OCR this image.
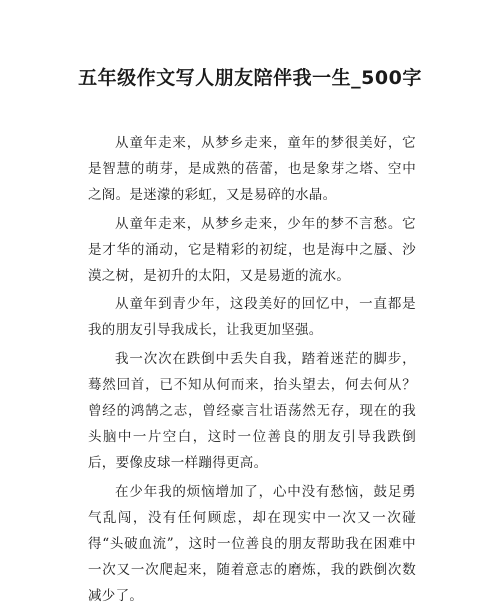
五年级作文写人朋友陪伴我一生_500字

从童年走来，从梦乡走来，童年的梦很美好，它是智慧的萌芽，是成熟的蓓蕾，也是象芽之塔、空中之阁。是迷濛的彩虹，又是易碎的水晶。

从童年走来，从梦乡走来，少年的梦不言愁。它是才华的涌动，它是精彩的初绽，也是海中之蜃、沙漠之树，是初升的太阳，又是易逝的流水。

从童年到青少年，这段美好的回忆中，一直都是我的朋友引导我成长，让我更加坚强。

我一次次在跌倒中丢失自我，踏着迷茫的脚步，蓦然回首，已不知从何而来，抬头望去，何去何从？曾经的鸿鹄之志，曾经豪言壮语荡然无存，现在的我头脑中一片空白，这时一位善良的朋友引导我跌倒后，要像皮球一样蹦得更高。

在少年我的烦恼增加了，心中没有愁恼，鼓足勇气乱闯，没有任何顾虑，却在现实中一次又一次碰得“头破血流”，这时一位善良的朋友帮助我在困难中一次又一次爬起来，随着意志的磨炼，我的跌倒次数减少了。
